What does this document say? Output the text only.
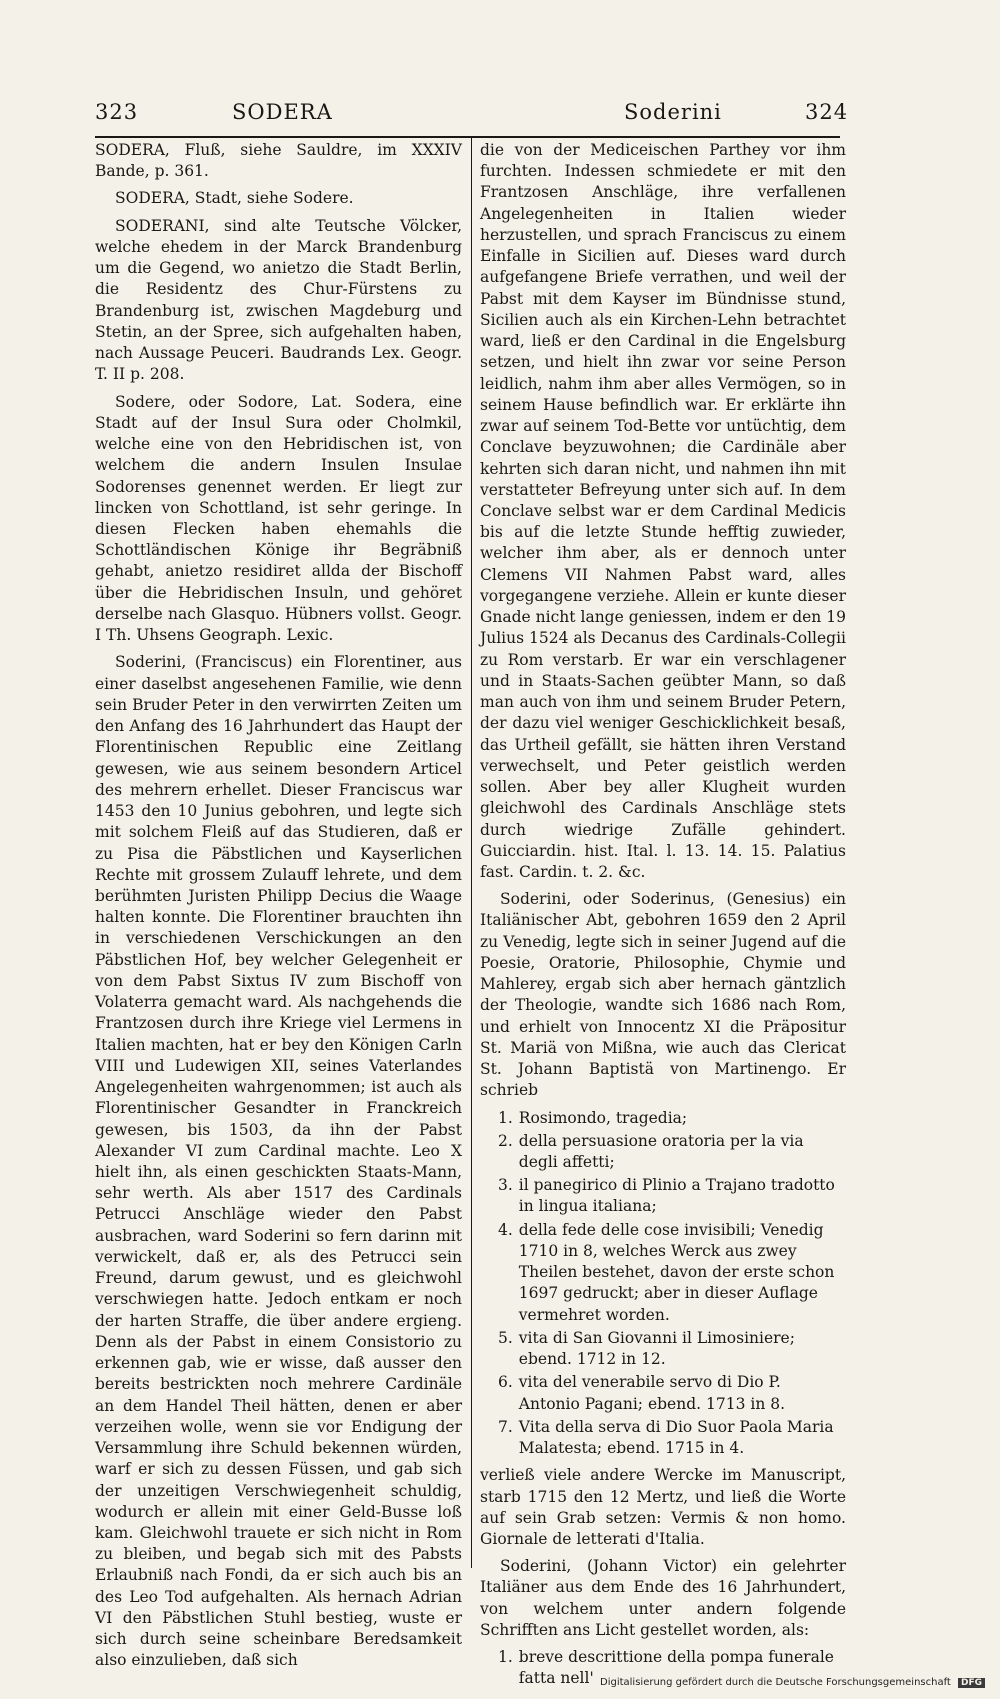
323	SODERA	Soderini	324

SODERA, Fluß, siehe Sauldre, im XXXIV Bande, p. 361.

SODERA, Stadt, siehe Sodere.

SODERANI, sind alte Teutsche Völcker, welche ehedem in der Marck Brandenburg um die Gegend, wo anietzo die Stadt Berlin, die Residentz des Chur-Fürstens zu Brandenburg ist, zwischen Magdeburg und Stetin, an der Spree, sich aufgehalten haben, nach Aussage Peuceri. Baudrands Lex. Geogr. T. II p. 208.

Sodere, oder Sodore, Lat. Sodera, eine Stadt auf der Insul Sura oder Cholmkil, welche eine von den Hebridischen ist, von welchem die andern Insulen Insulae Sodorenses genennet werden. Er liegt zur lincken von Schottland, ist sehr geringe. In diesen Flecken haben ehemahls die Schottländischen Könige ihr Begräbniß gehabt, anietzo residiret allda der Bischoff über die Hebridischen Insuln, und gehöret derselbe nach Glasquo. Hübners vollst. Geogr. I Th. Uhsens Geograph. Lexic.

Soderini, (Franciscus) ein Florentiner, aus einer daselbst angesehenen Familie, wie denn sein Bruder Peter in den verwirrten Zeiten um den Anfang des 16 Jahrhundert das Haupt der Florentinischen Republic eine Zeitlang gewesen, wie aus seinem besondern Articel des mehrern erhellet. Dieser Franciscus war 1453 den 10 Junius gebohren, und legte sich mit solchem Fleiß auf das Studieren, daß er zu Pisa die Päbstlichen und Kayserlichen Rechte mit grossem Zulauff lehrete, und dem berühmten Juristen Philipp Decius die Waage halten konnte. Die Florentiner brauchten ihn in verschiedenen Verschickungen an den Päbstlichen Hof, bey welcher Gelegenheit er von dem Pabst Sixtus IV zum Bischoff von Volaterra gemacht ward. Als nachgehends die Frantzosen durch ihre Kriege viel Lermens in Italien machten, hat er bey den Königen Carln VIII und Ludewigen XII, seines Vaterlandes Angelegenheiten wahrgenommen; ist auch als Florentinischer Gesandter in Franckreich gewesen, bis 1503, da ihn der Pabst Alexander VI zum Cardinal machte. Leo X hielt ihn, als einen geschickten Staats-Mann, sehr werth. Als aber 1517 des Cardinals Petrucci Anschläge wieder den Pabst ausbrachen, ward Soderini so fern darinn mit verwickelt, daß er, als des Petrucci sein Freund, darum gewust, und es gleichwohl verschwiegen hatte. Jedoch entkam er noch der harten Straffe, die über andere ergieng. Denn als der Pabst in einem Consistorio zu erkennen gab, wie er wisse, daß ausser den bereits bestrickten noch mehrere Cardinäle an dem Handel Theil hätten, denen er aber verzeihen wolle, wenn sie vor Endigung der Versammlung ihre Schuld bekennen würden, warf er sich zu dessen Füssen, und gab sich der unzeitigen Verschwiegenheit schuldig, wodurch er allein mit einer Geld-Busse loß kam. Gleichwohl trauete er sich nicht in Rom zu bleiben, und begab sich mit des Pabsts Erlaubniß nach Fondi, da er sich auch bis an des Leo Tod aufgehalten. Als hernach Adrian VI den Päbstlichen Stuhl bestieg, wuste er sich durch seine scheinbare Beredsamkeit also einzulieben, daß sich

die von der Mediceischen Parthey vor ihm furchten. Indessen schmiedete er mit den Frantzosen Anschläge, ihre verfallenen Angelegenheiten in Italien wieder herzustellen, und sprach Franciscus zu einem Einfalle in Sicilien auf. Dieses ward durch aufgefangene Briefe verrathen, und weil der Pabst mit dem Kayser im Bündnisse stund, Sicilien auch als ein Kirchen-Lehn betrachtet ward, ließ er den Cardinal in die Engelsburg setzen, und hielt ihn zwar vor seine Person leidlich, nahm ihm aber alles Vermögen, so in seinem Hause befindlich war. Er erklärte ihn zwar auf seinem Tod-Bette vor untüchtig, dem Conclave beyzuwohnen; die Cardinäle aber kehrten sich daran nicht, und nahmen ihn mit verstatteter Befreyung unter sich auf. In dem Conclave selbst war er dem Cardinal Medicis bis auf die letzte Stunde hefftig zuwieder, welcher ihm aber, als er dennoch unter Clemens VII Nahmen Pabst ward, alles vorgegangene verziehe. Allein er kunte dieser Gnade nicht lange geniessen, indem er den 19 Julius 1524 als Decanus des Cardinals-Collegii zu Rom verstarb. Er war ein verschlagener und in Staats-Sachen geübter Mann, so daß man auch von ihm und seinem Bruder Petern, der dazu viel weniger Geschicklichkeit besaß, das Urtheil gefällt, sie hätten ihren Verstand verwechselt, und Peter geistlich werden sollen. Aber bey aller Klugheit wurden gleichwohl des Cardinals Anschläge stets durch wiedrige Zufälle gehindert. Guicciardin. hist. Ital. l. 13. 14. 15. Palatius fast. Cardin. t. 2. &c.

Soderini, oder Soderinus, (Genesius) ein Italiänischer Abt, gebohren 1659 den 2 April zu Venedig, legte sich in seiner Jugend auf die Poesie, Oratorie, Philosophie, Chymie und Mahlerey, ergab sich aber hernach gäntzlich der Theologie, wandte sich 1686 nach Rom, und erhielt von Innocentz XI die Präpositur St. Mariä von Mißna, wie auch das Clericat St. Johann Baptistä von Martinengo. Er schrieb

1. Rosimondo, tragedia;
2. della persuasione oratoria per la via degli affetti;
3. il panegirico di Plinio a Trajano tradotto in lingua italiana;
4. della fede delle cose invisibili; Venedig 1710 in 8, welches Werck aus zwey Theilen bestehet, davon der erste schon 1697 gedruckt; aber in dieser Auflage vermehret worden.
5. vita di San Giovanni il Limosiniere; ebend. 1712 in 12.
6. vita del venerabile servo di Dio P. Antonio Pagani; ebend. 1713 in 8.
7. Vita della serva di Dio Suor Paola Maria Malatesta; ebend. 1715 in 4.

verließ viele andere Wercke im Manuscript, starb 1715 den 12 Mertz, und ließ die Worte auf sein Grab setzen: Vermis & non homo. Giornale de letterati d'Italia.

Soderini, (Johann Victor) ein gelehrter Italiäner aus dem Ende des 16 Jahrhundert, von welchem unter andern folgende Schrifften ans Licht gestellet worden, als:

1. breve descrittione della pompa funerale fatta nell' Digitalisierung gefördert durch die Deutsche Forschungsgemeinschaft DFG
